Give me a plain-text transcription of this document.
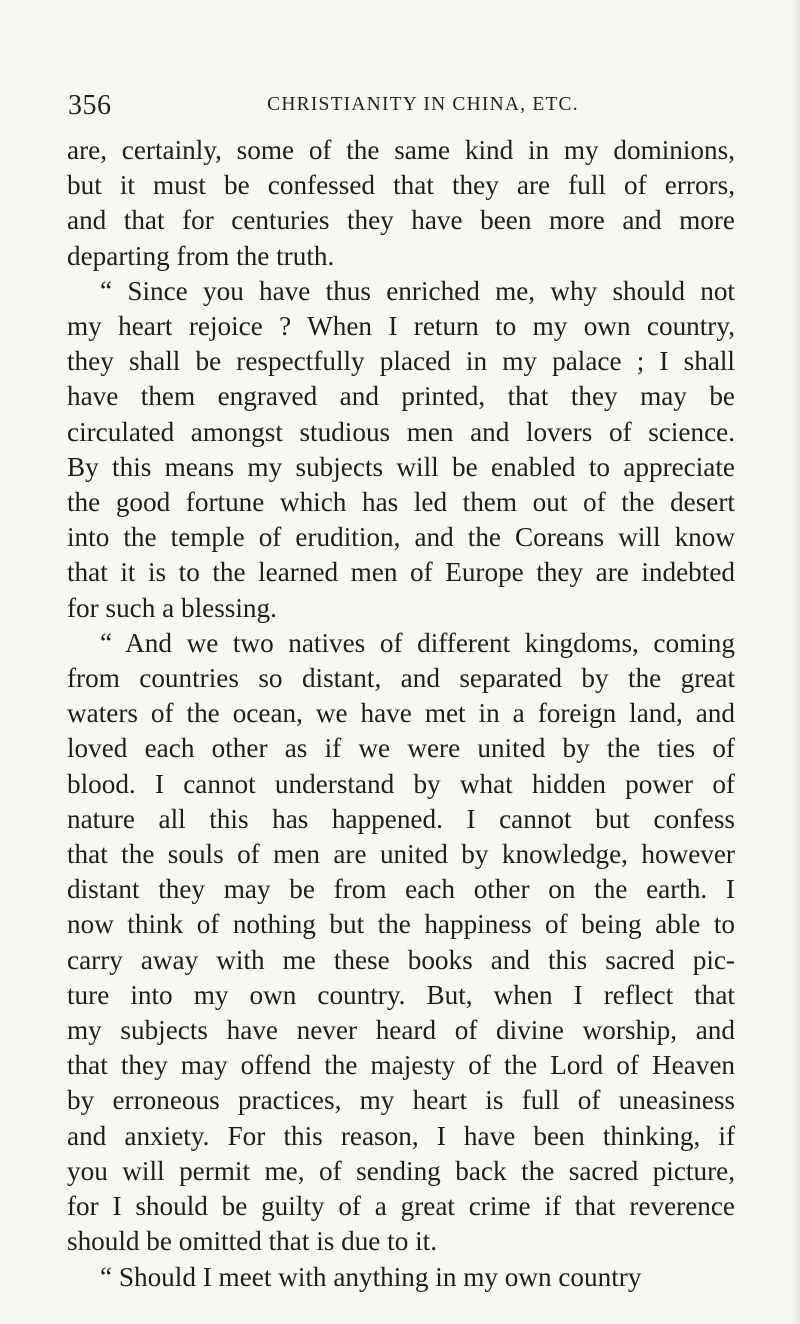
356	CHRISTIANITY IN CHINA, ETC.
are, certainly, some of the same kind in my dominions,
but it must be confessed that they are full of errors,
and that for centuries they have been more and more
departing from the truth.
“ Since you have thus enriched me, why should not
my heart rejoice ? When I return to my own country,
they shall be respectfully placed in my palace ; I shall
have them engraved and printed, that they may be
circulated amongst studious men and lovers of science.
By this means my subjects will be enabled to appreciate
the good fortune which has led them out of the desert
into the temple of erudition, and the Coreans will know
that it is to the learned men of Europe they are indebted
for such a blessing.
“ And we two natives of different kingdoms, coming
from countries so distant, and separated by the great
waters of the ocean, we have met in a foreign land, and
loved each other as if we were united by the ties of
blood. I cannot understand by what hidden power of
nature all this has happened. I cannot but confess
that the souls of men are united by knowledge, however
distant they may be from each other on the earth. I
now think of nothing but the happiness of being able to
carry away with me these books and this sacred pic-
ture into my own country. But, when I reflect that
my subjects have never heard of divine worship, and
that they may offend the majesty of the Lord of Heaven
by erroneous practices, my heart is full of uneasiness
and anxiety. For this reason, I have been thinking, if
you will permit me, of sending back the sacred picture,
for I should be guilty of a great crime if that reverence
should be omitted that is due to it.
“ Should I meet with anything in my own country
